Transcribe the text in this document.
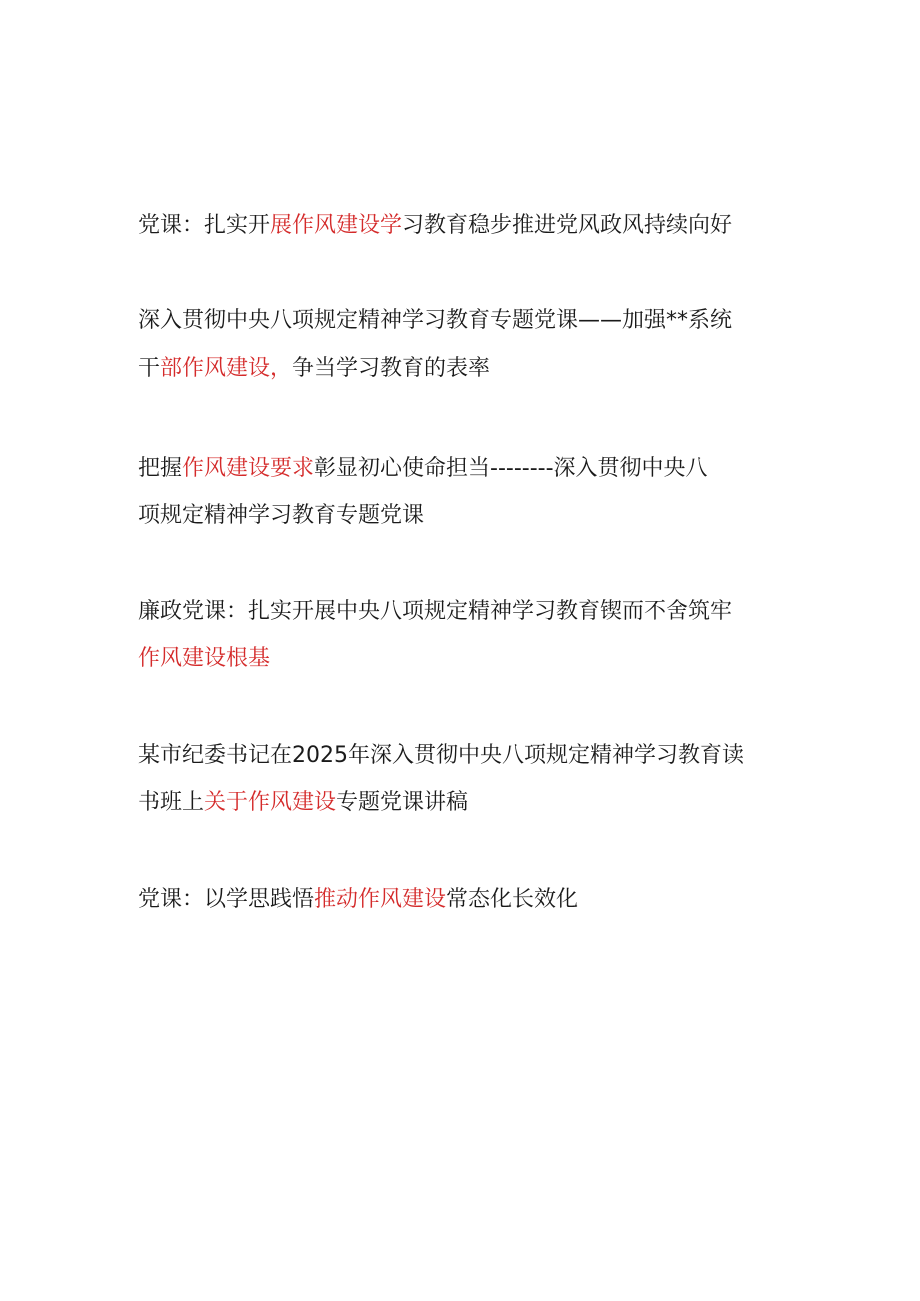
党课：扎实开展作风建设学习教育稳步推进党风政风持续向好
深入贯彻中央八项规定精神学习教育专题党课——加强**系统
干部作风建设，争当学习教育的表率
把握作风建设要求彰显初心使命担当--------深入贯彻中央八
项规定精神学习教育专题党课
廉政党课：扎实开展中央八项规定精神学习教育锲而不舍筑牢
作风建设根基
某市纪委书记在2025年深入贯彻中央八项规定精神学习教育读
书班上关于作风建设专题党课讲稿
党课：以学思践悟推动作风建设常态化长效化
